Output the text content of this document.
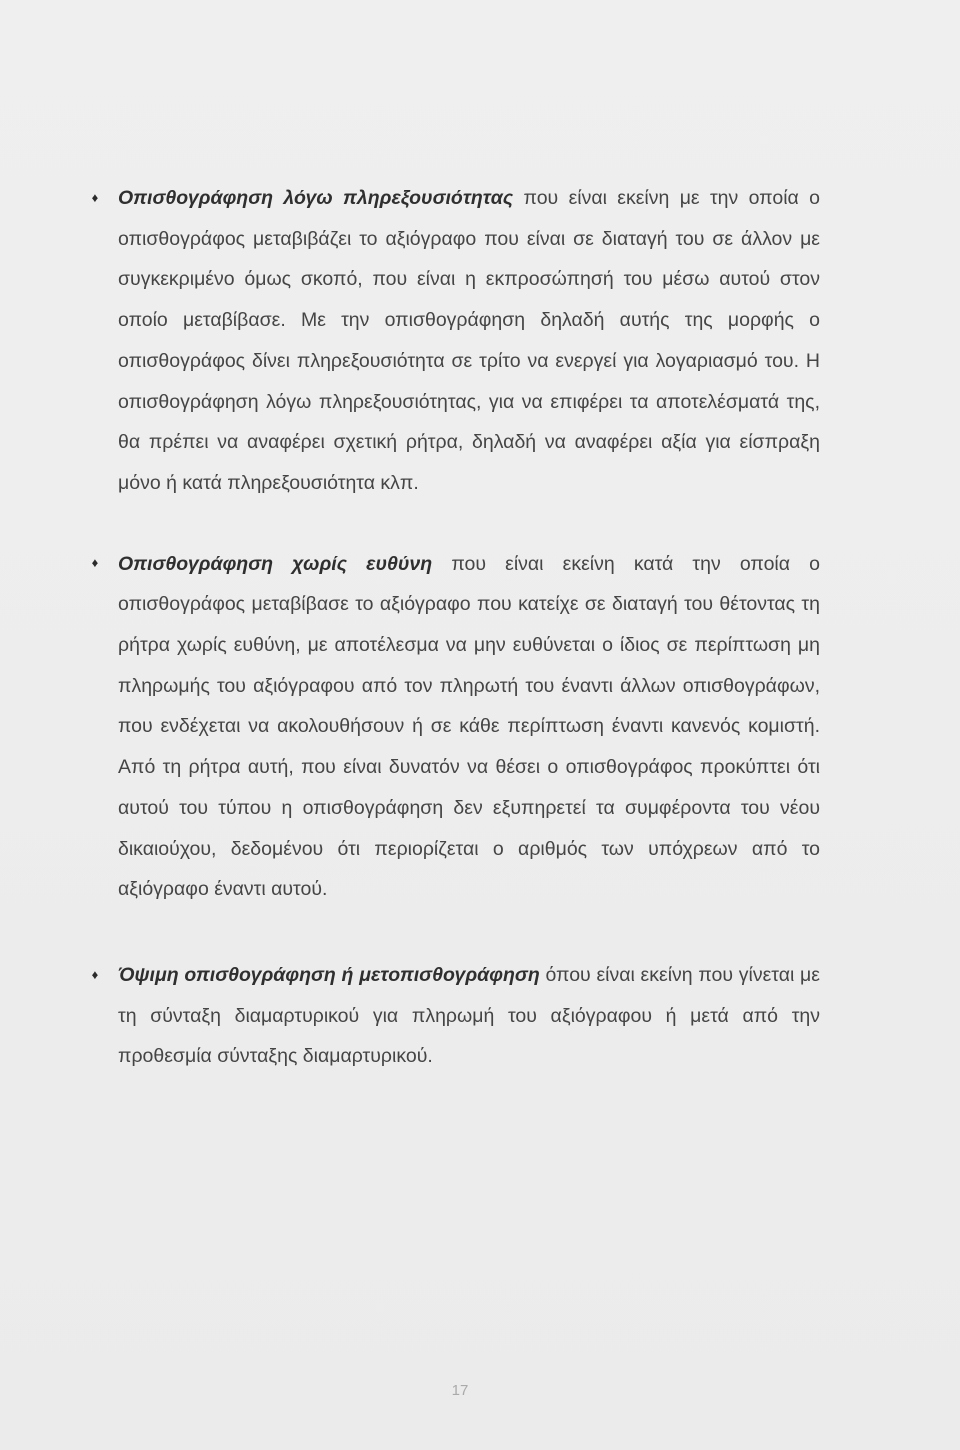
♦ Οπισθογράφηση λόγω πληρεξουσιότητας που είναι εκείνη με την οποία ο οπισθογράφος μεταβιβάζει το αξιόγραφο που είναι σε διαταγή του σε άλλον με συγκεκριμένο όμως σκοπό, που είναι η εκπροσώπησή του μέσω αυτού στον οποίο μεταβίβασε. Με την οπισθογράφηση δηλαδή αυτής της μορφής ο οπισθογράφος δίνει πληρεξουσιότητα σε τρίτο να ενεργεί για λογαριασμό του. Η οπισθογράφηση λόγω πληρεξουσιότητας, για να επιφέρει τα αποτελέσματά της, θα πρέπει να αναφέρει σχετική ρήτρα, δηλαδή να αναφέρει αξία για είσπραξη μόνο ή κατά πληρεξουσιότητα κλπ.

♦ Οπισθογράφηση χωρίς ευθύνη που είναι εκείνη κατά την οποία ο οπισθογράφος μεταβίβασε το αξιόγραφο που κατείχε σε διαταγή του θέτοντας τη ρήτρα χωρίς ευθύνη, με αποτέλεσμα να μην ευθύνεται ο ίδιος σε περίπτωση μη πληρωμής του αξιόγραφου από τον πληρωτή του έναντι άλλων οπισθογράφων, που ενδέχεται να ακολουθήσουν ή σε κάθε περίπτωση έναντι κανενός κομιστή. Από τη ρήτρα αυτή, που είναι δυνατόν να θέσει ο οπισθογράφος προκύπτει ότι αυτού του τύπου η οπισθογράφηση δεν εξυπηρετεί τα συμφέροντα του νέου δικαιούχου, δεδομένου ότι περιορίζεται ο αριθμός των υπόχρεων από το αξιόγραφο έναντι αυτού.

♦ Όψιμη οπισθογράφηση ή μετοπισθογράφηση όπου είναι εκείνη που γίνεται με τη σύνταξη διαμαρτυρικού για πληρωμή του αξιόγραφου ή μετά από την προθεσμία σύνταξης διαμαρτυρικού.

17
